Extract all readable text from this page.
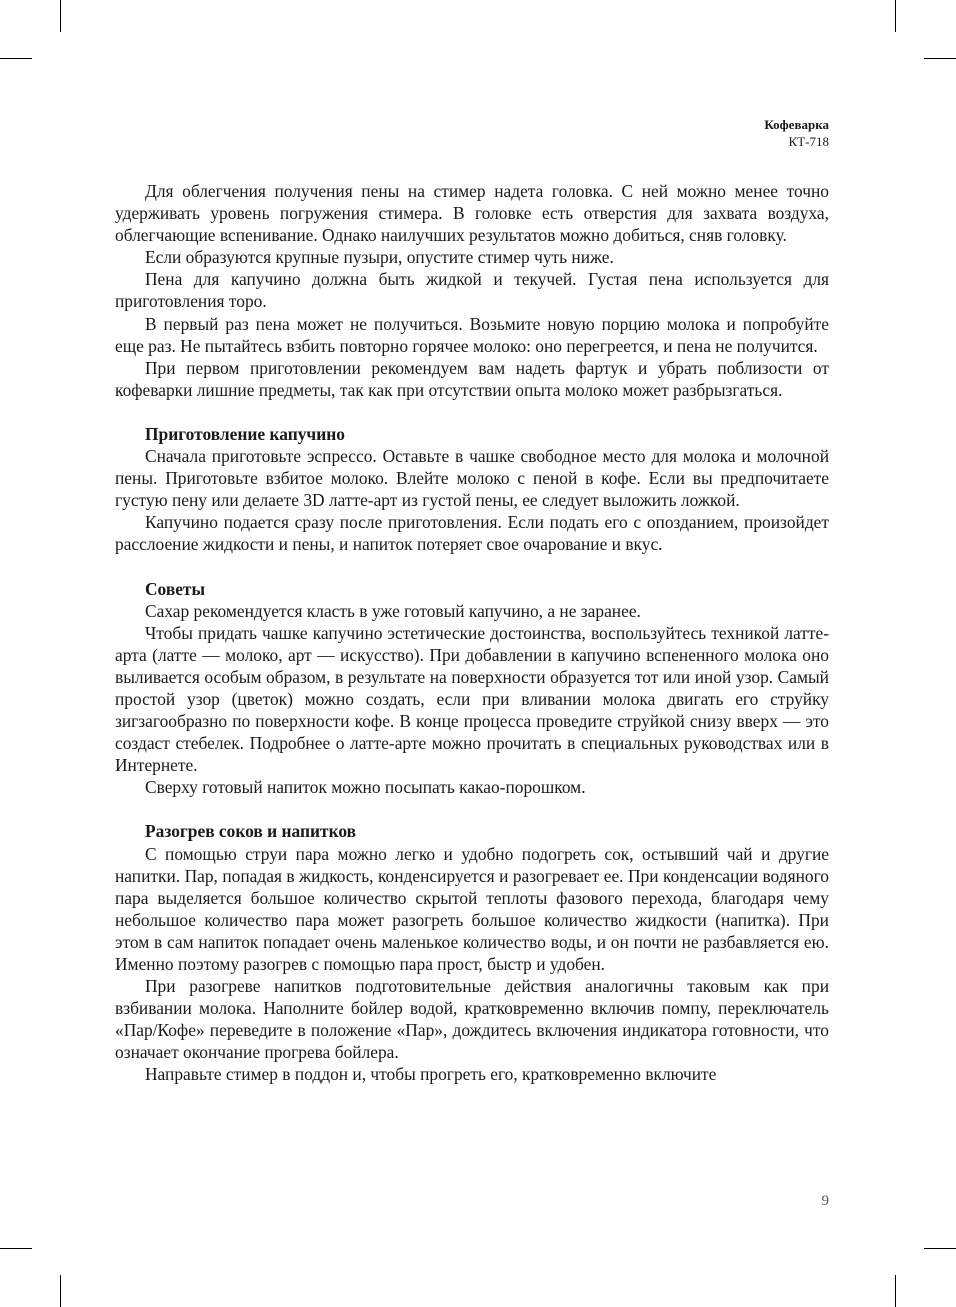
Кофеварка
КТ-718

Для облегчения получения пены на стимер надета головка. С ней можно менее точно удерживать уровень погружения стимера. В головке есть отверстия для захвата воздуха, облегчающие вспенивание. Однако наилучших результатов можно добиться, сняв головку.

Если образуются крупные пузыри, опустите стимер чуть ниже.

Пена для капучино должна быть жидкой и текучей. Густая пена используется для приготовления торо.

В первый раз пена может не получиться. Возьмите новую порцию молока и попробуйте еще раз. Не пытайтесь взбить повторно горячее молоко: оно перегреется, и пена не получится.

При первом приготовлении рекомендуем вам надеть фартук и убрать поблизости от кофеварки лишние предметы, так как при отсутствии опыта молоко может разбрызгаться.

Приготовление капучино

Сначала приготовьте эспрессо. Оставьте в чашке свободное место для молока и молочной пены. Приготовьте взбитое молоко. Влейте молоко с пеной в кофе. Если вы предпочитаете густую пену или делаете 3D латте-арт из густой пены, ее следует выложить ложкой.

Капучино подается сразу после приготовления. Если подать его с опозданием, произойдет расслоение жидкости и пены, и напиток потеряет свое очарование и вкус.

Советы

Сахар рекомендуется класть в уже готовый капучино, а не заранее.

Чтобы придать чашке капучино эстетические достоинства, воспользуйтесь техникой латте-арта (латте — молоко, арт — искусство). При добавлении в капучино вспененного молока оно выливается особым образом, в результате на поверхности образуется тот или иной узор. Самый простой узор (цветок) можно создать, если при вливании молока двигать его струйку зигзагообразно по поверхности кофе. В конце процесса проведите струйкой снизу вверх — это создаст стебелек. Подробнее о латте-арте можно прочитать в специальных руководствах или в Интернете.

Сверху готовый напиток можно посыпать какао-порошком.

Разогрев соков и напитков

С помощью струи пара можно легко и удобно подогреть сок, остывший чай и другие напитки. Пар, попадая в жидкость, конденсируется и разогревает ее. При конденсации водяного пара выделяется большое количество скрытой теплоты фазового перехода, благодаря чему небольшое количество пара может разогреть большое количество жидкости (напитка). При этом в сам напиток попадает очень маленькое количество воды, и он почти не разбавляется ею. Именно поэтому разогрев с помощью пара прост, быстр и удобен.

При разогреве напитков подготовительные действия аналогичны таковым как при взбивании молока. Наполните бойлер водой, кратковременно включив помпу, переключатель «Пар/Кофе» переведите в положение «Пар», дождитесь включения индикатора готовности, что означает окончание прогрева бойлера.

Направьте стимер в поддон и, чтобы прогреть его, кратковременно включите

9
